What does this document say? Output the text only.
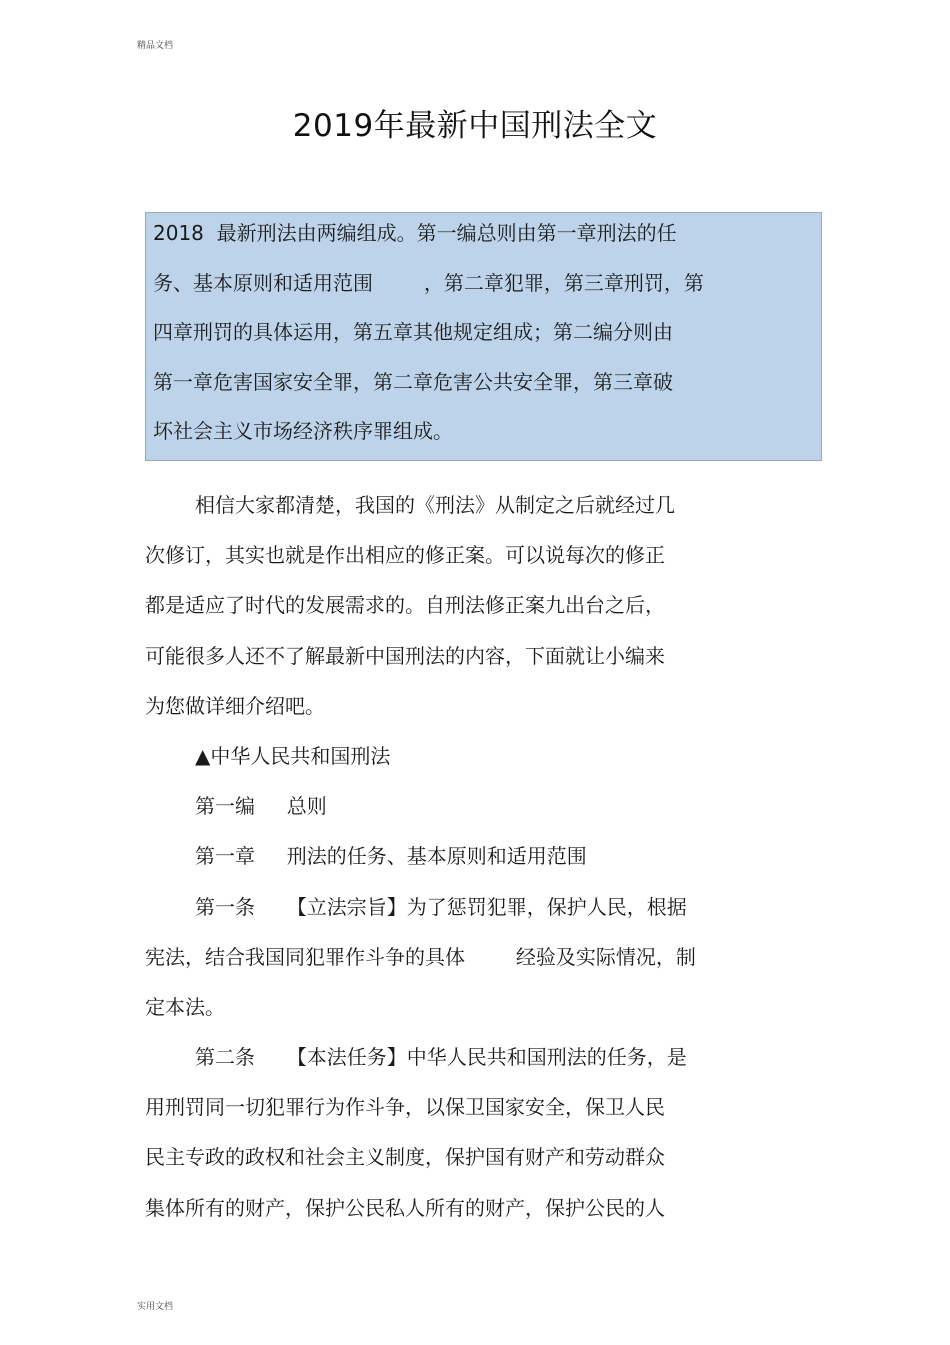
精品文档
2019年最新中国刑法全文
2018  最新刑法由两编组成。第一编总则由第一章刑法的任
务、基本原则和适用范围        ，第二章犯罪，第三章刑罚，第
四章刑罚的具体运用，第五章其他规定组成；第二编分则由
第一章危害国家安全罪，第二章危害公共安全罪，第三章破
坏社会主义市场经济秩序罪组成。
相信大家都清楚，我国的《刑法》从制定之后就经过几
次修订，其实也就是作出相应的修正案。可以说每次的修正
都是适应了时代的发展需求的。自刑法修正案九出台之后，
可能很多人还不了解最新中国刑法的内容，下面就让小编来
为您做详细介绍吧。
▲中华人民共和国刑法
第一编     总则
第一章     刑法的任务、基本原则和适用范围
第一条     【立法宗旨】为了惩罚犯罪，保护人民，根据
宪法，结合我国同犯罪作斗争的具体        经验及实际情况，制
定本法。
第二条     【本法任务】中华人民共和国刑法的任务，是
用刑罚同一切犯罪行为作斗争，以保卫国家安全，保卫人民
民主专政的政权和社会主义制度，保护国有财产和劳动群众
集体所有的财产，保护公民私人所有的财产，保护公民的人
实用文档
